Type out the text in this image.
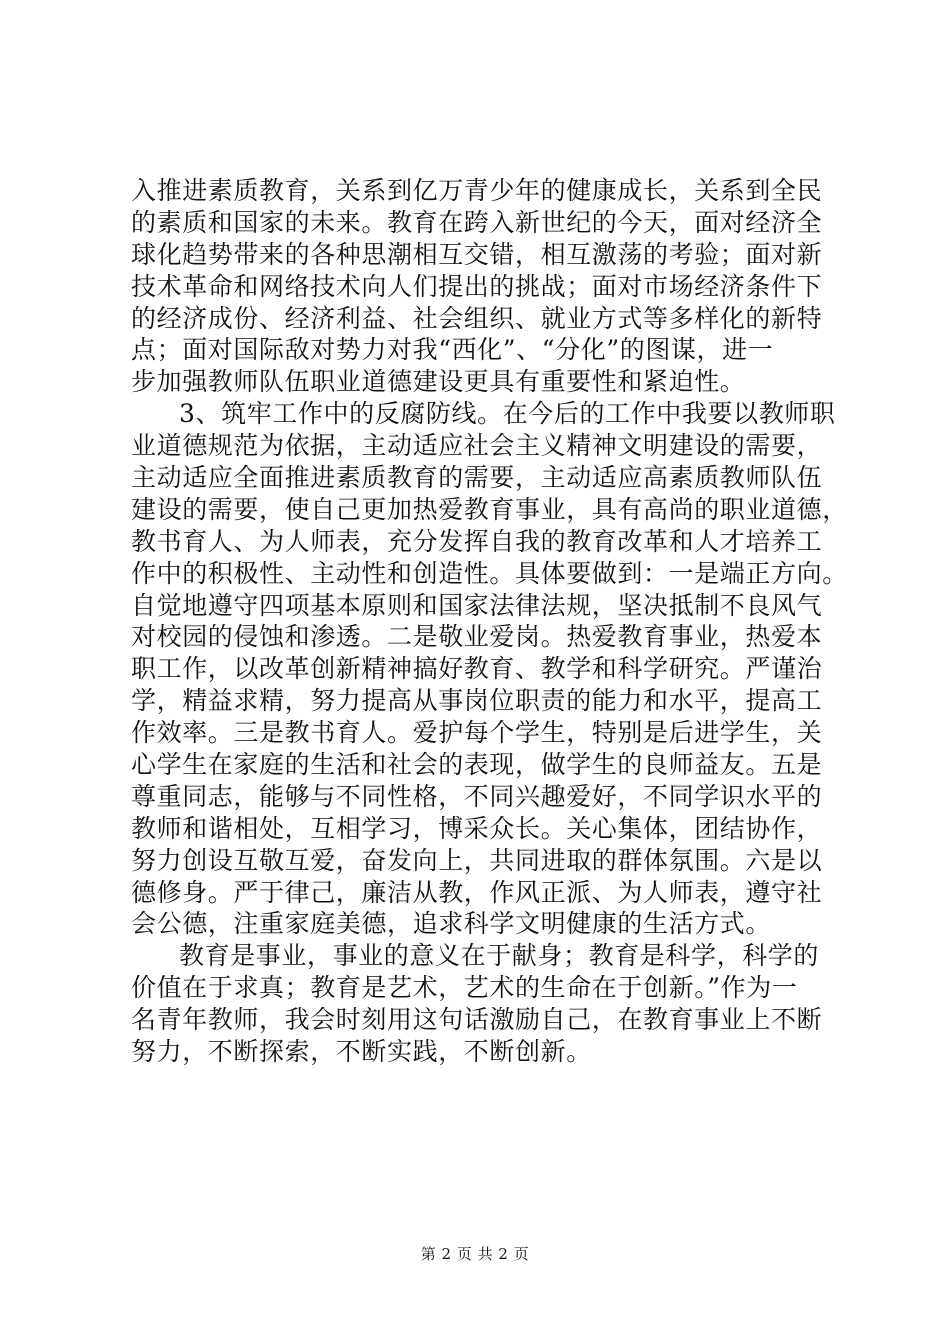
入推进素质教育，关系到亿万青少年的健康成长，关系到全民
的素质和国家的未来。教育在跨入新世纪的今天，面对经济全
球化趋势带来的各种思潮相互交错，相互激荡的考验；面对新
技术革命和网络技术向人们提出的挑战；面对市场经济条件下
的经济成份、经济利益、社会组织、就业方式等多样化的新特
点；面对国际敌对势力对我“西化”、“分化”的图谋，进一
步加强教师队伍职业道德建设更具有重要性和紧迫性。
3、筑牢工作中的反腐防线。在今后的工作中我要以教师职
业道德规范为依据，主动适应社会主义精神文明建设的需要，
主动适应全面推进素质教育的需要，主动适应高素质教师队伍
建设的需要，使自己更加热爱教育事业，具有高尚的职业道德，
教书育人、为人师表，充分发挥自我的教育改革和人才培养工
作中的积极性、主动性和创造性。具体要做到：一是端正方向。
自觉地遵守四项基本原则和国家法律法规，坚决抵制不良风气
对校园的侵蚀和渗透。二是敬业爱岗。热爱教育事业，热爱本
职工作，以改革创新精神搞好教育、教学和科学研究。严谨治
学，精益求精，努力提高从事岗位职责的能力和水平，提高工
作效率。三是教书育人。爱护每个学生，特别是后进学生，关
心学生在家庭的生活和社会的表现，做学生的良师益友。五是
尊重同志，能够与不同性格，不同兴趣爱好，不同学识水平的
教师和谐相处，互相学习，博采众长。关心集体，团结协作，
努力创设互敬互爱，奋发向上，共同进取的群体氛围。六是以
德修身。严于律己，廉洁从教，作风正派、为人师表，遵守社
会公德，注重家庭美德，追求科学文明健康的生活方式。
教育是事业，事业的意义在于献身；教育是科学，科学的
价值在于求真；教育是艺术，艺术的生命在于创新。”作为一
名青年教师，我会时刻用这句话激励自己，在教育事业上不断
努力，不断探索，不断实践，不断创新。
第 2 页 共 2 页
